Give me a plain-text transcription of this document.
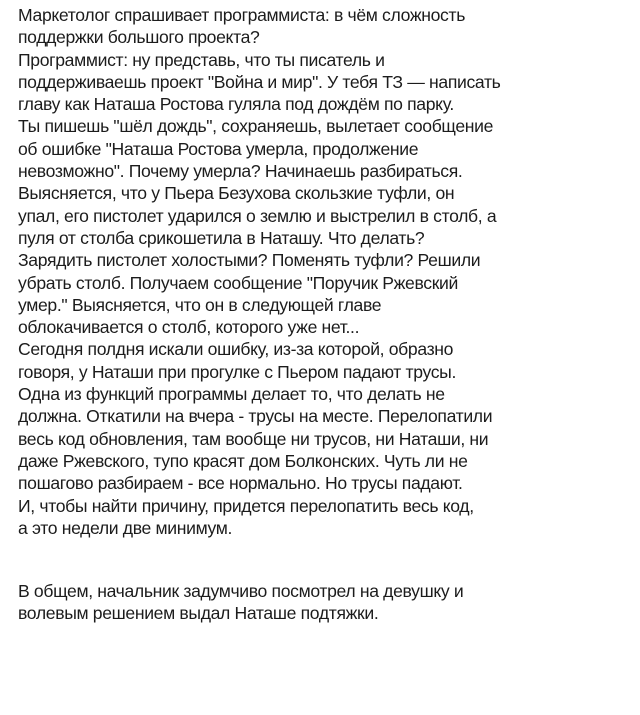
Маркетолог спрашивает программиста: в чём сложность
поддержки большого проекта?
Программист: ну представь, что ты писатель и
поддерживаешь проект "Война и мир". У тебя ТЗ — написать
главу как Наташа Ростова гуляла под дождём по парку.
Ты пишешь "шёл дождь", сохраняешь, вылетает сообщение
об ошибке "Наташа Ростова умерла, продолжение
невозможно". Почему умерла? Начинаешь разбираться.
Выясняется, что у Пьера Безухова скользкие туфли, он
упал, его пистолет ударился о землю и выстрелил в столб, а
пуля от столба срикошетила в Наташу. Что делать?
Зарядить пистолет холостыми? Поменять туфли? Решили
убрать столб. Получаем сообщение "Поручик Ржевский
умер." Выясняется, что он в следующей главе
облокачивается о столб, которого уже нет...
Сегодня полдня искали ошибку, из-за которой, образно
говоря, у Наташи при прогулке с Пьером падают трусы.
Одна из функций программы делает то, что делать не
должна. Откатили на вчера - трусы на месте. Перелопатили
весь код обновления, там вообще ни трусов, ни Наташи, ни
даже Ржевского, тупо красят дом Болконских. Чуть ли не
пошагово разбираем - все нормально. Но трусы падают.
И, чтобы найти причину, придется перелопатить весь код,
а это недели две минимум.
В общем, начальник задумчиво посмотрел на девушку и
волевым решением выдал Наташе подтяжки.
